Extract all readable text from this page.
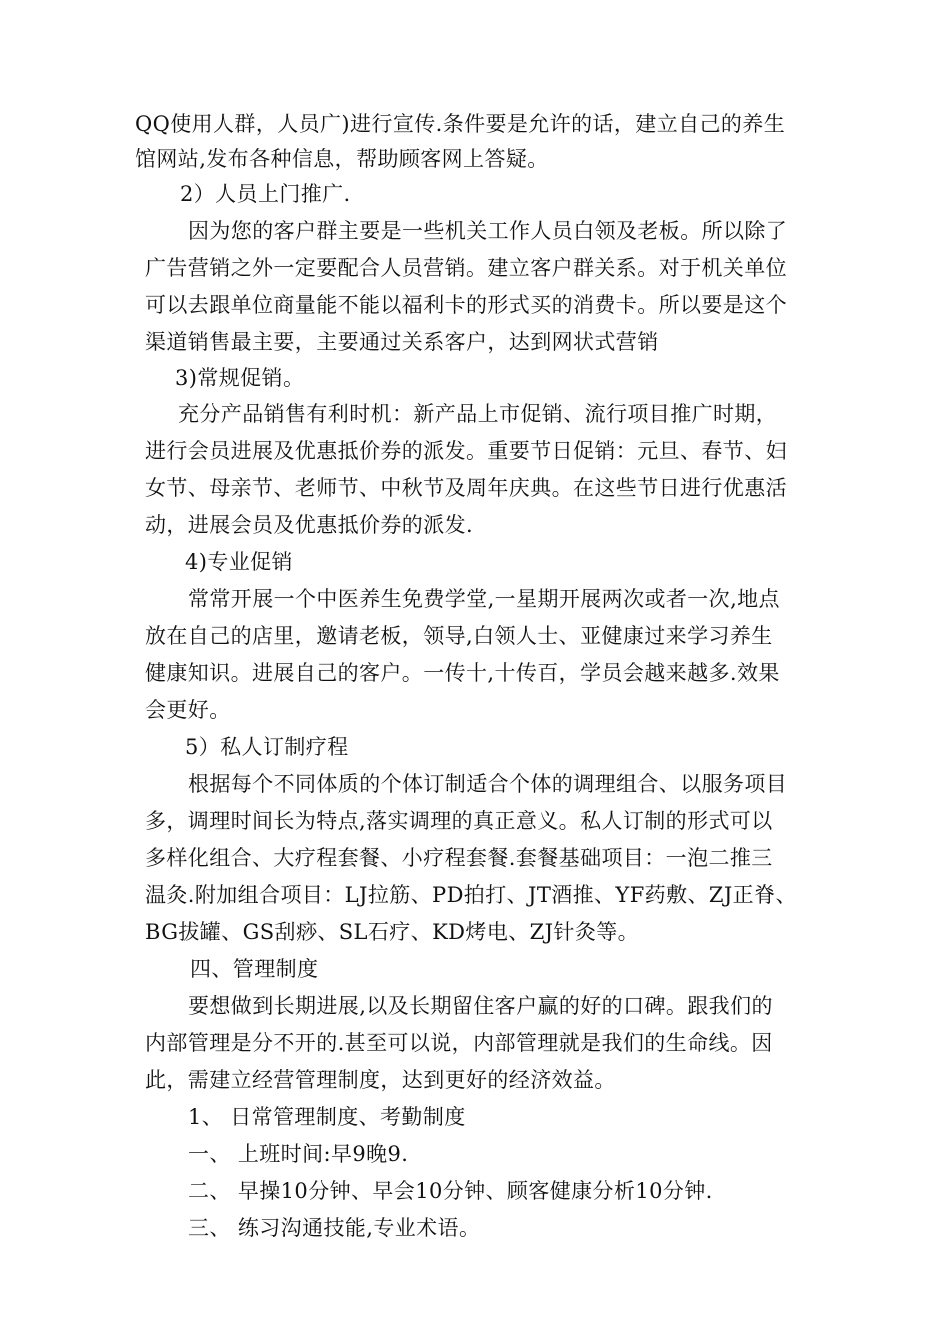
QQ使用人群，人员广)进行宣传.条件要是允许的话，建立自己的养生
馆网站,发布各种信息，帮助顾客网上答疑。
2）人员上门推广.
因为您的客户群主要是一些机关工作人员白领及老板。所以除了
广告营销之外一定要配合人员营销。建立客户群关系。对于机关单位
可以去跟单位商量能不能以福利卡的形式买的消费卡。所以要是这个
渠道销售最主要，主要通过关系客户，达到网状式营销
3)常规促销。
充分产品销售有利时机：新产品上市促销、流行项目推广时期，
进行会员进展及优惠抵价券的派发。重要节日促销：元旦、春节、妇
女节、母亲节、老师节、中秋节及周年庆典。在这些节日进行优惠活
动，进展会员及优惠抵价券的派发.
4)专业促销
常常开展一个中医养生免费学堂,一星期开展两次或者一次,地点
放在自己的店里，邀请老板，领导,白领人士、亚健康过来学习养生
健康知识。进展自己的客户。一传十,十传百，学员会越来越多.效果
会更好。
5）私人订制疗程
根据每个不同体质的个体订制适合个体的调理组合、以服务项目
多，调理时间长为特点,落实调理的真正意义。私人订制的形式可以
多样化组合、大疗程套餐、小疗程套餐.套餐基础项目：一泡二推三
温灸.附加组合项目：LJ拉筋、PD拍打、JT酒推、YF药敷、ZJ正脊、
BG拔罐、GS刮痧、SL石疗、KD烤电、ZJ针灸等。
四、管理制度
要想做到长期进展,以及长期留住客户赢的好的口碑。跟我们的
内部管理是分不开的.甚至可以说，内部管理就是我们的生命线。因
此，需建立经营管理制度，达到更好的经济效益。
1、 日常管理制度、考勤制度
一、 上班时间:早9晚9.
二、 早操10分钟、早会10分钟、顾客健康分析10分钟.
三、 练习沟通技能,专业术语。
